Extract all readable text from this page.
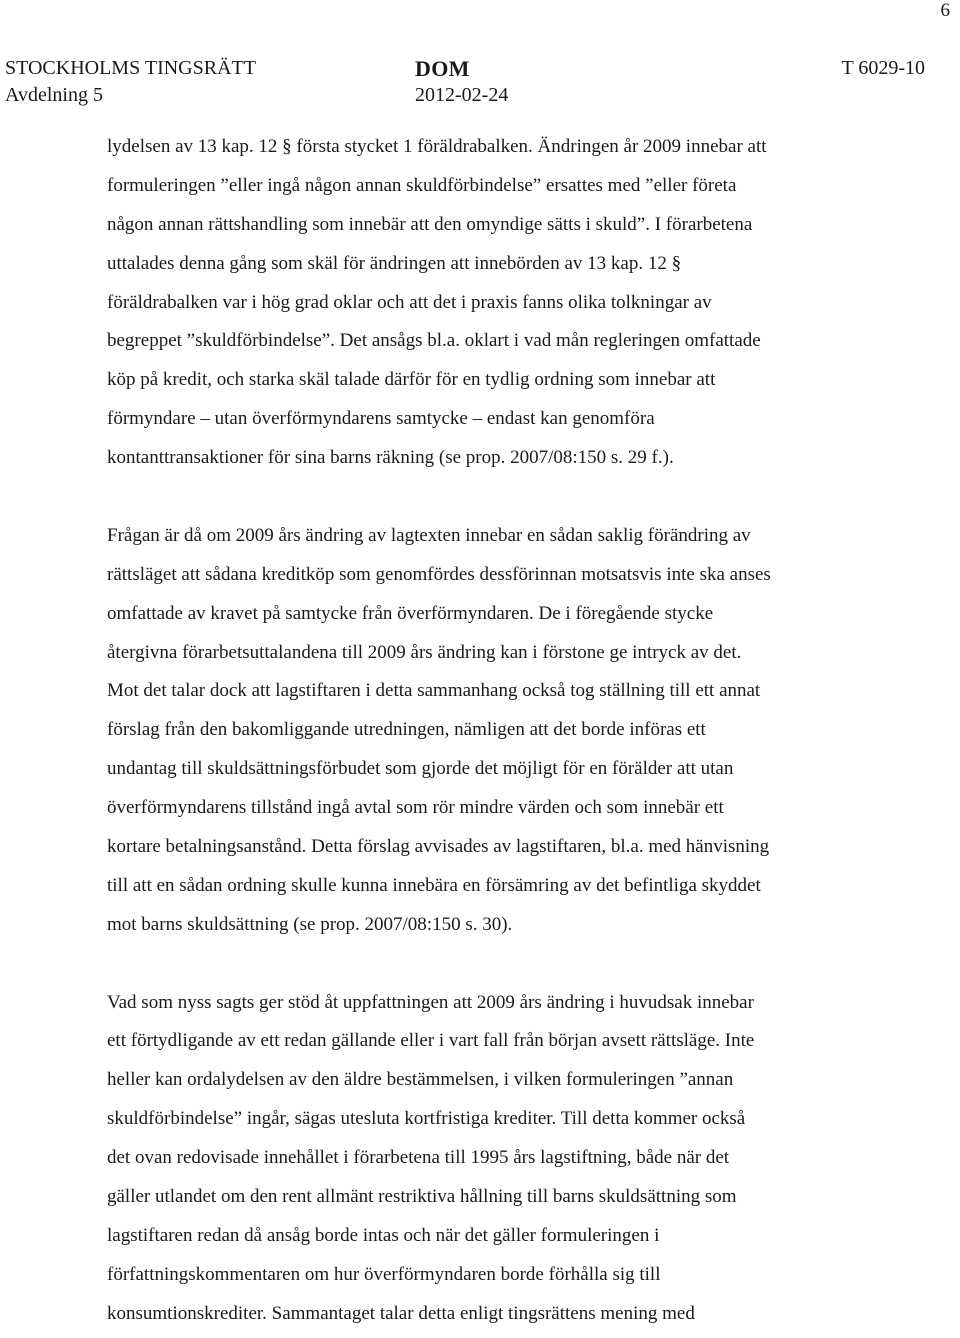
6
STOCKHOLMS TINGSRÄTT
Avdelning 5
DOM
2012-02-24
T 6029-10

lydelsen av 13 kap. 12 § första stycket 1 föräldrabalken. Ändringen år 2009 innebar att
formuleringen ”eller ingå någon annan skuldförbindelse” ersattes med ”eller företa
någon annan rättshandling som innebär att den omyndige sätts i skuld”. I förarbetena
uttalades denna gång som skäl för ändringen att innebörden av 13 kap. 12 §
föräldrabalken var i hög grad oklar och att det i praxis fanns olika tolkningar av
begreppet ”skuldförbindelse”. Det ansågs bl.a. oklart i vad mån regleringen omfattade
köp på kredit, och starka skäl talade därför för en tydlig ordning som innebar att
förmyndare – utan överförmyndarens samtycke – endast kan genomföra
kontanttransaktioner för sina barns räkning (se prop. 2007/08:150 s. 29 f.).

Frågan är då om 2009 års ändring av lagtexten innebar en sådan saklig förändring av
rättsläget att sådana kreditköp som genomfördes dessförinnan motsatsvis inte ska anses
omfattade av kravet på samtycke från överförmyndaren. De i föregående stycke
återgivna förarbetsuttalandena till 2009 års ändring kan i förstone ge intryck av det.
Mot det talar dock att lagstiftaren i detta sammanhang också tog ställning till ett annat
förslag från den bakomliggande utredningen, nämligen att det borde införas ett
undantag till skuldsättningsförbudet som gjorde det möjligt för en förälder att utan
överförmyndarens tillstånd ingå avtal som rör mindre värden och som innebär ett
kortare betalningsanstånd. Detta förslag avvisades av lagstiftaren, bl.a. med hänvisning
till att en sådan ordning skulle kunna innebära en försämring av det befintliga skyddet
mot barns skuldsättning (se prop. 2007/08:150 s. 30).

Vad som nyss sagts ger stöd åt uppfattningen att 2009 års ändring i huvudsak innebar
ett förtydligande av ett redan gällande eller i vart fall från början avsett rättsläge. Inte
heller kan ordalydelsen av den äldre bestämmelsen, i vilken formuleringen ”annan
skuldförbindelse” ingår, sägas utesluta kortfristiga krediter. Till detta kommer också
det ovan redovisade innehållet i förarbetena till 1995 års lagstiftning, både när det
gäller utlandet om den rent allmänt restriktiva hållning till barns skuldsättning som
lagstiftaren redan då ansåg borde intas och när det gäller formuleringen i
författningskommentaren om hur överförmyndaren borde förhålla sig till
konsumtionskrediter. Sammantaget talar detta enligt tingsrättens mening med
